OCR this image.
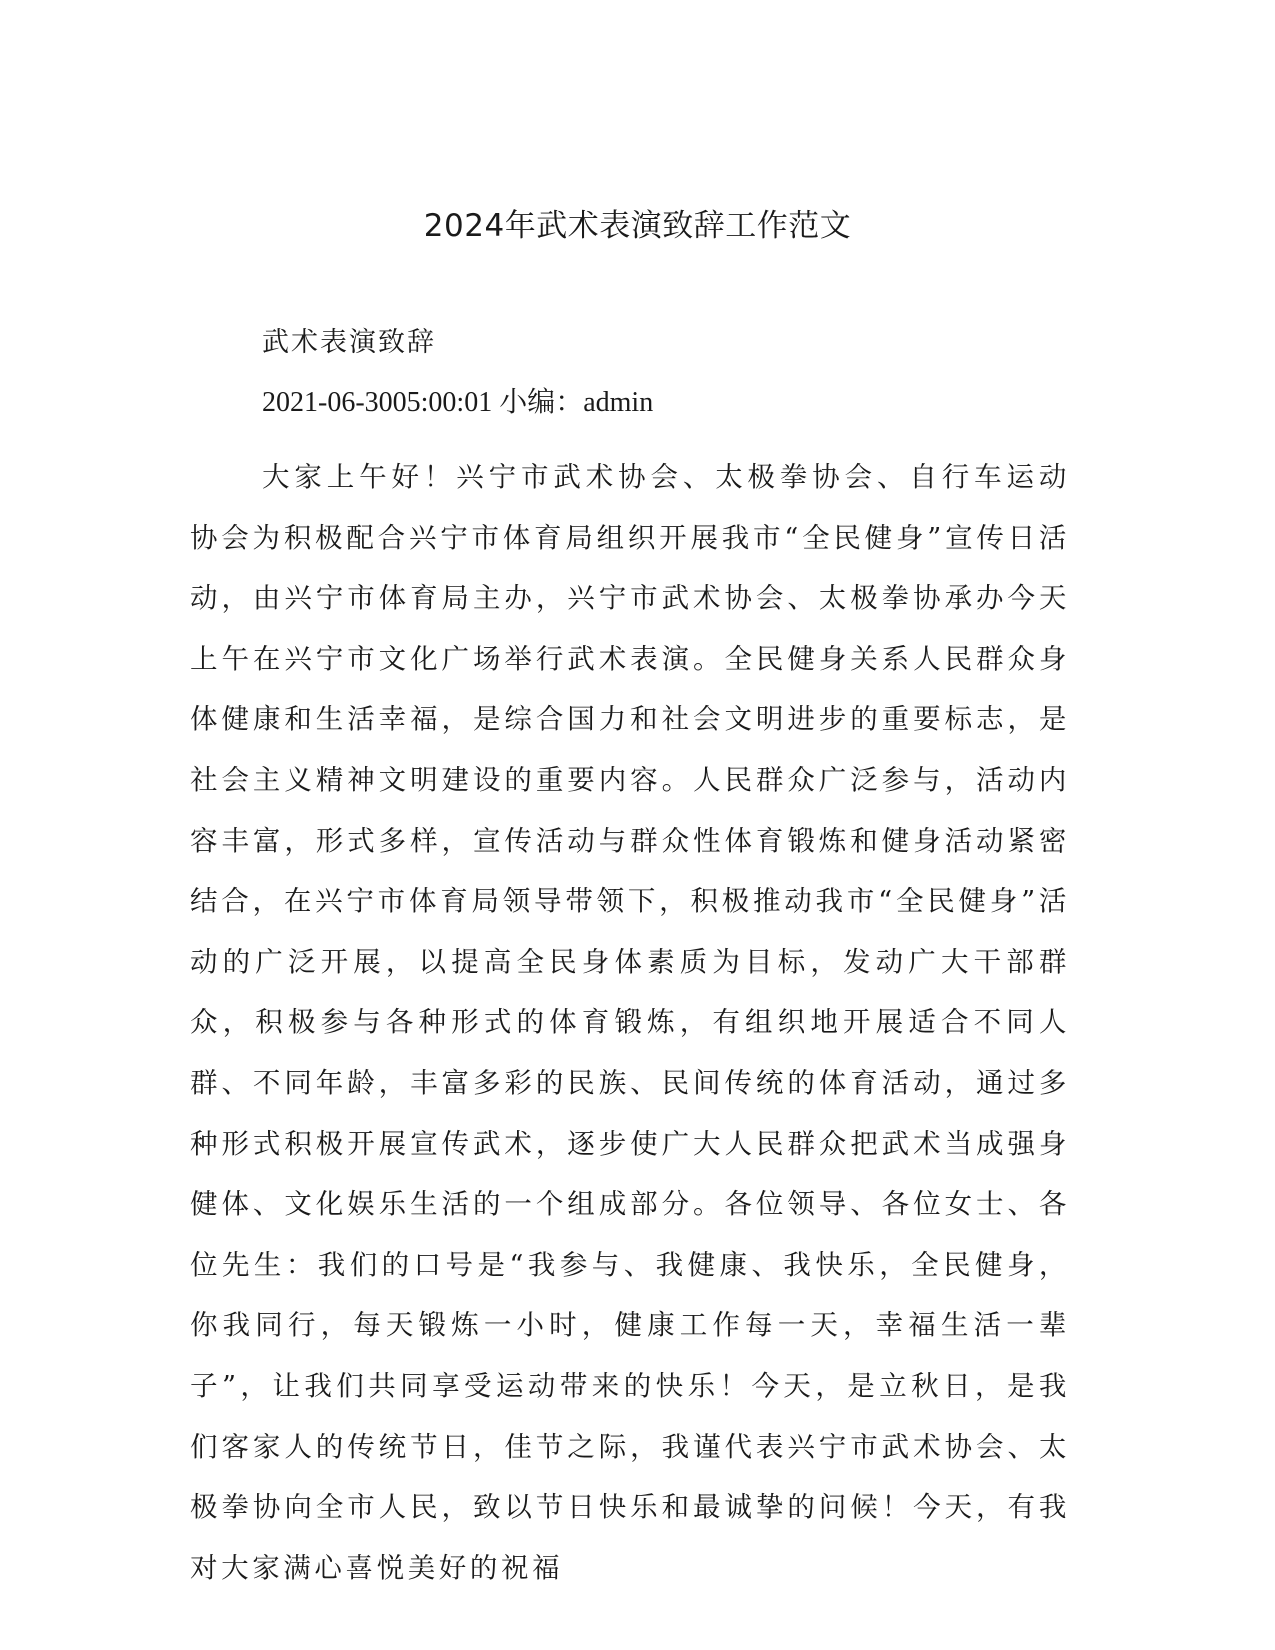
2024年武术表演致辞工作范文

武术表演致辞

2021-06-3005:00:01 小编：admin

大家上午好！兴宁市武术协会、太极拳协会、自行车运动协会为积极配合兴宁市体育局组织开展我市“全民健身”宣传日活动，由兴宁市体育局主办，兴宁市武术协会、太极拳协承办今天上午在兴宁市文化广场举行武术表演。全民健身关系人民群众身体健康和生活幸福，是综合国力和社会文明进步的重要标志，是社会主义精神文明建设的重要内容。人民群众广泛参与，活动内容丰富，形式多样，宣传活动与群众性体育锻炼和健身活动紧密结合，在兴宁市体育局领导带领下，积极推动我市“全民健身”活动的广泛开展，以提高全民身体素质为目标，发动广大干部群众，积极参与各种形式的体育锻炼，有组织地开展适合不同人群、不同年龄，丰富多彩的民族、民间传统的体育活动，通过多种形式积极开展宣传武术，逐步使广大人民群众把武术当成强身健体、文化娱乐生活的一个组成部分。各位领导、各位女士、各位先生：我们的口号是“我参与、我健康、我快乐，全民健身，你我同行，每天锻炼一小时，健康工作每一天，幸福生活一辈子”，让我们共同享受运动带来的快乐！今天，是立秋日，是我们客家人的传统节日，佳节之际，我谨代表兴宁市武术协会、太极拳协向全市人民，致以节日快乐和最诚挚的问候！今天，有我对大家满心喜悦美好的祝福
